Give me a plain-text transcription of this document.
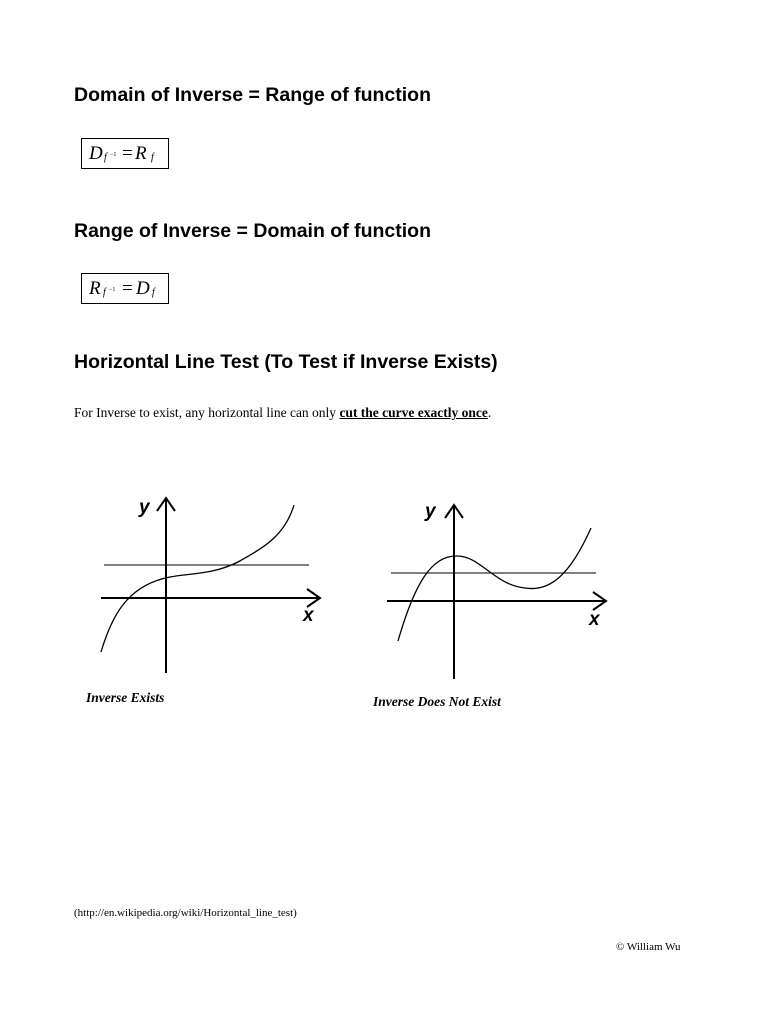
Domain of Inverse = Range of function
D f −1 = R f
Range of Inverse = Domain of function
R f −1 = D f
Horizontal Line Test (To Test if Inverse Exists)

For Inverse to exist, any horizontal line can only cut the curve exactly once.

y
x
y
x
Inverse Exists	Inverse Does Not Exist
(http://en.wikipedia.org/wiki/Horizontal_line_test)
© William Wu
